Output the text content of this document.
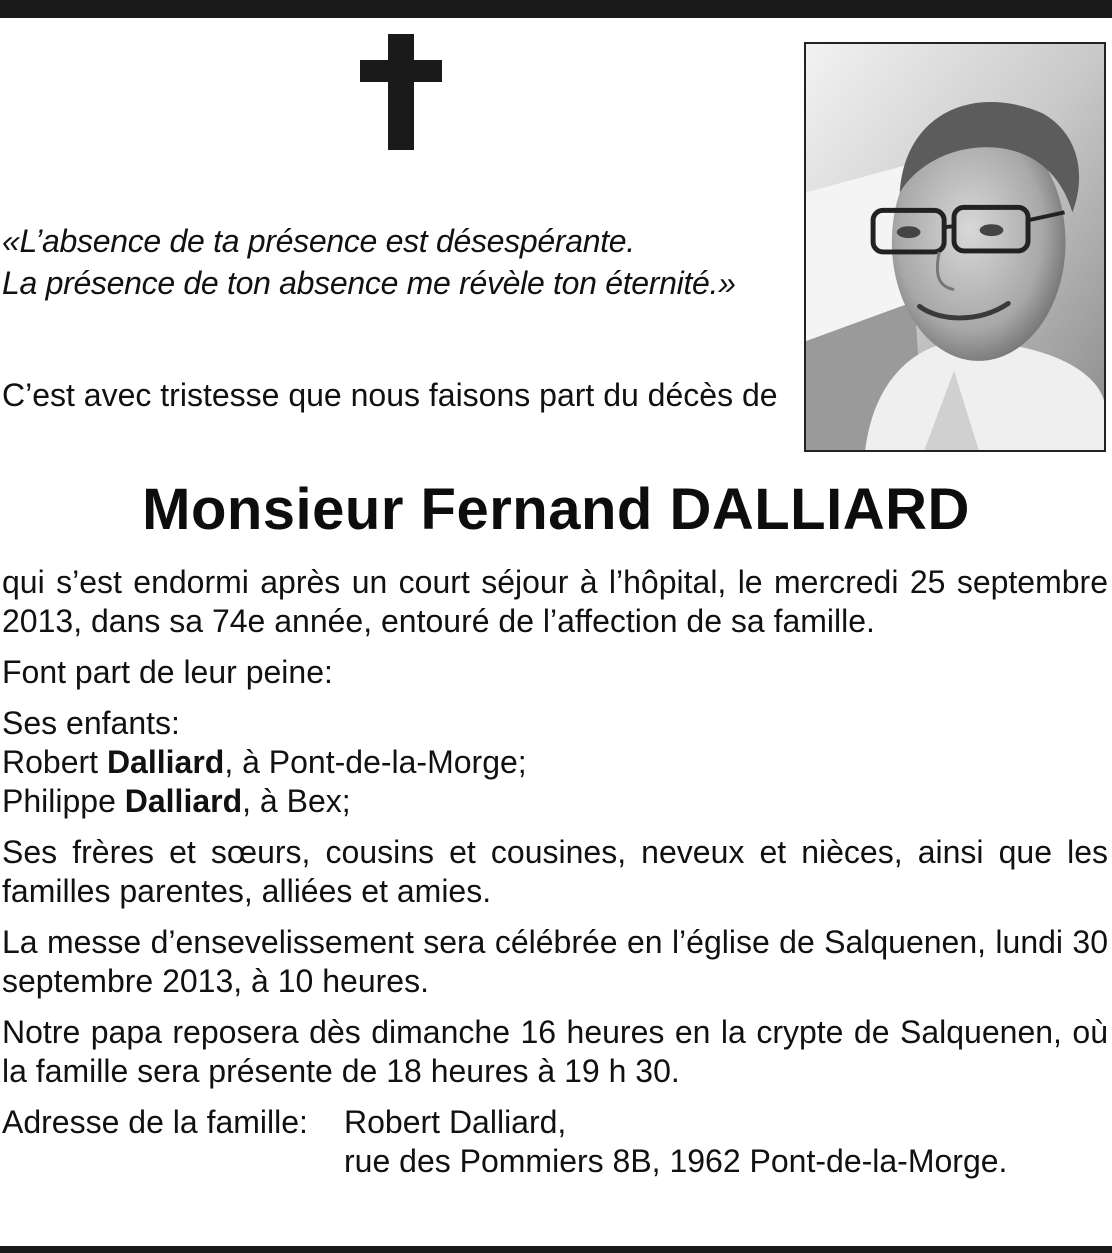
«L’absence de ta présence est désespérante.
La présence de ton absence me révèle ton éternité.»
C’est avec tristesse que nous faisons part du décès de
Monsieur Fernand DALLIARD

qui s’est endormi après un court séjour à l’hôpital, le mercredi 25 septembre 2013, dans sa 74e année, entouré de l’affection de sa famille.

Font part de leur peine:

Ses enfants:
Robert Dalliard, à Pont-de-la-Morge;
Philippe Dalliard, à Bex;

Ses frères et sœurs, cousins et cousines, neveux et nièces, ainsi que les familles parentes, alliées et amies.

La messe d’ensevelissement sera célébrée en l’église de Salquenen, lundi 30 septembre 2013, à 10 heures.

Notre papa reposera dès dimanche 16 heures en la crypte de Salquenen, où la famille sera présente de 18 heures à 19 h 30.

Adresse de la famille:	Robert Dalliard,
rue des Pommiers 8B, 1962 Pont-de-la-Morge.
